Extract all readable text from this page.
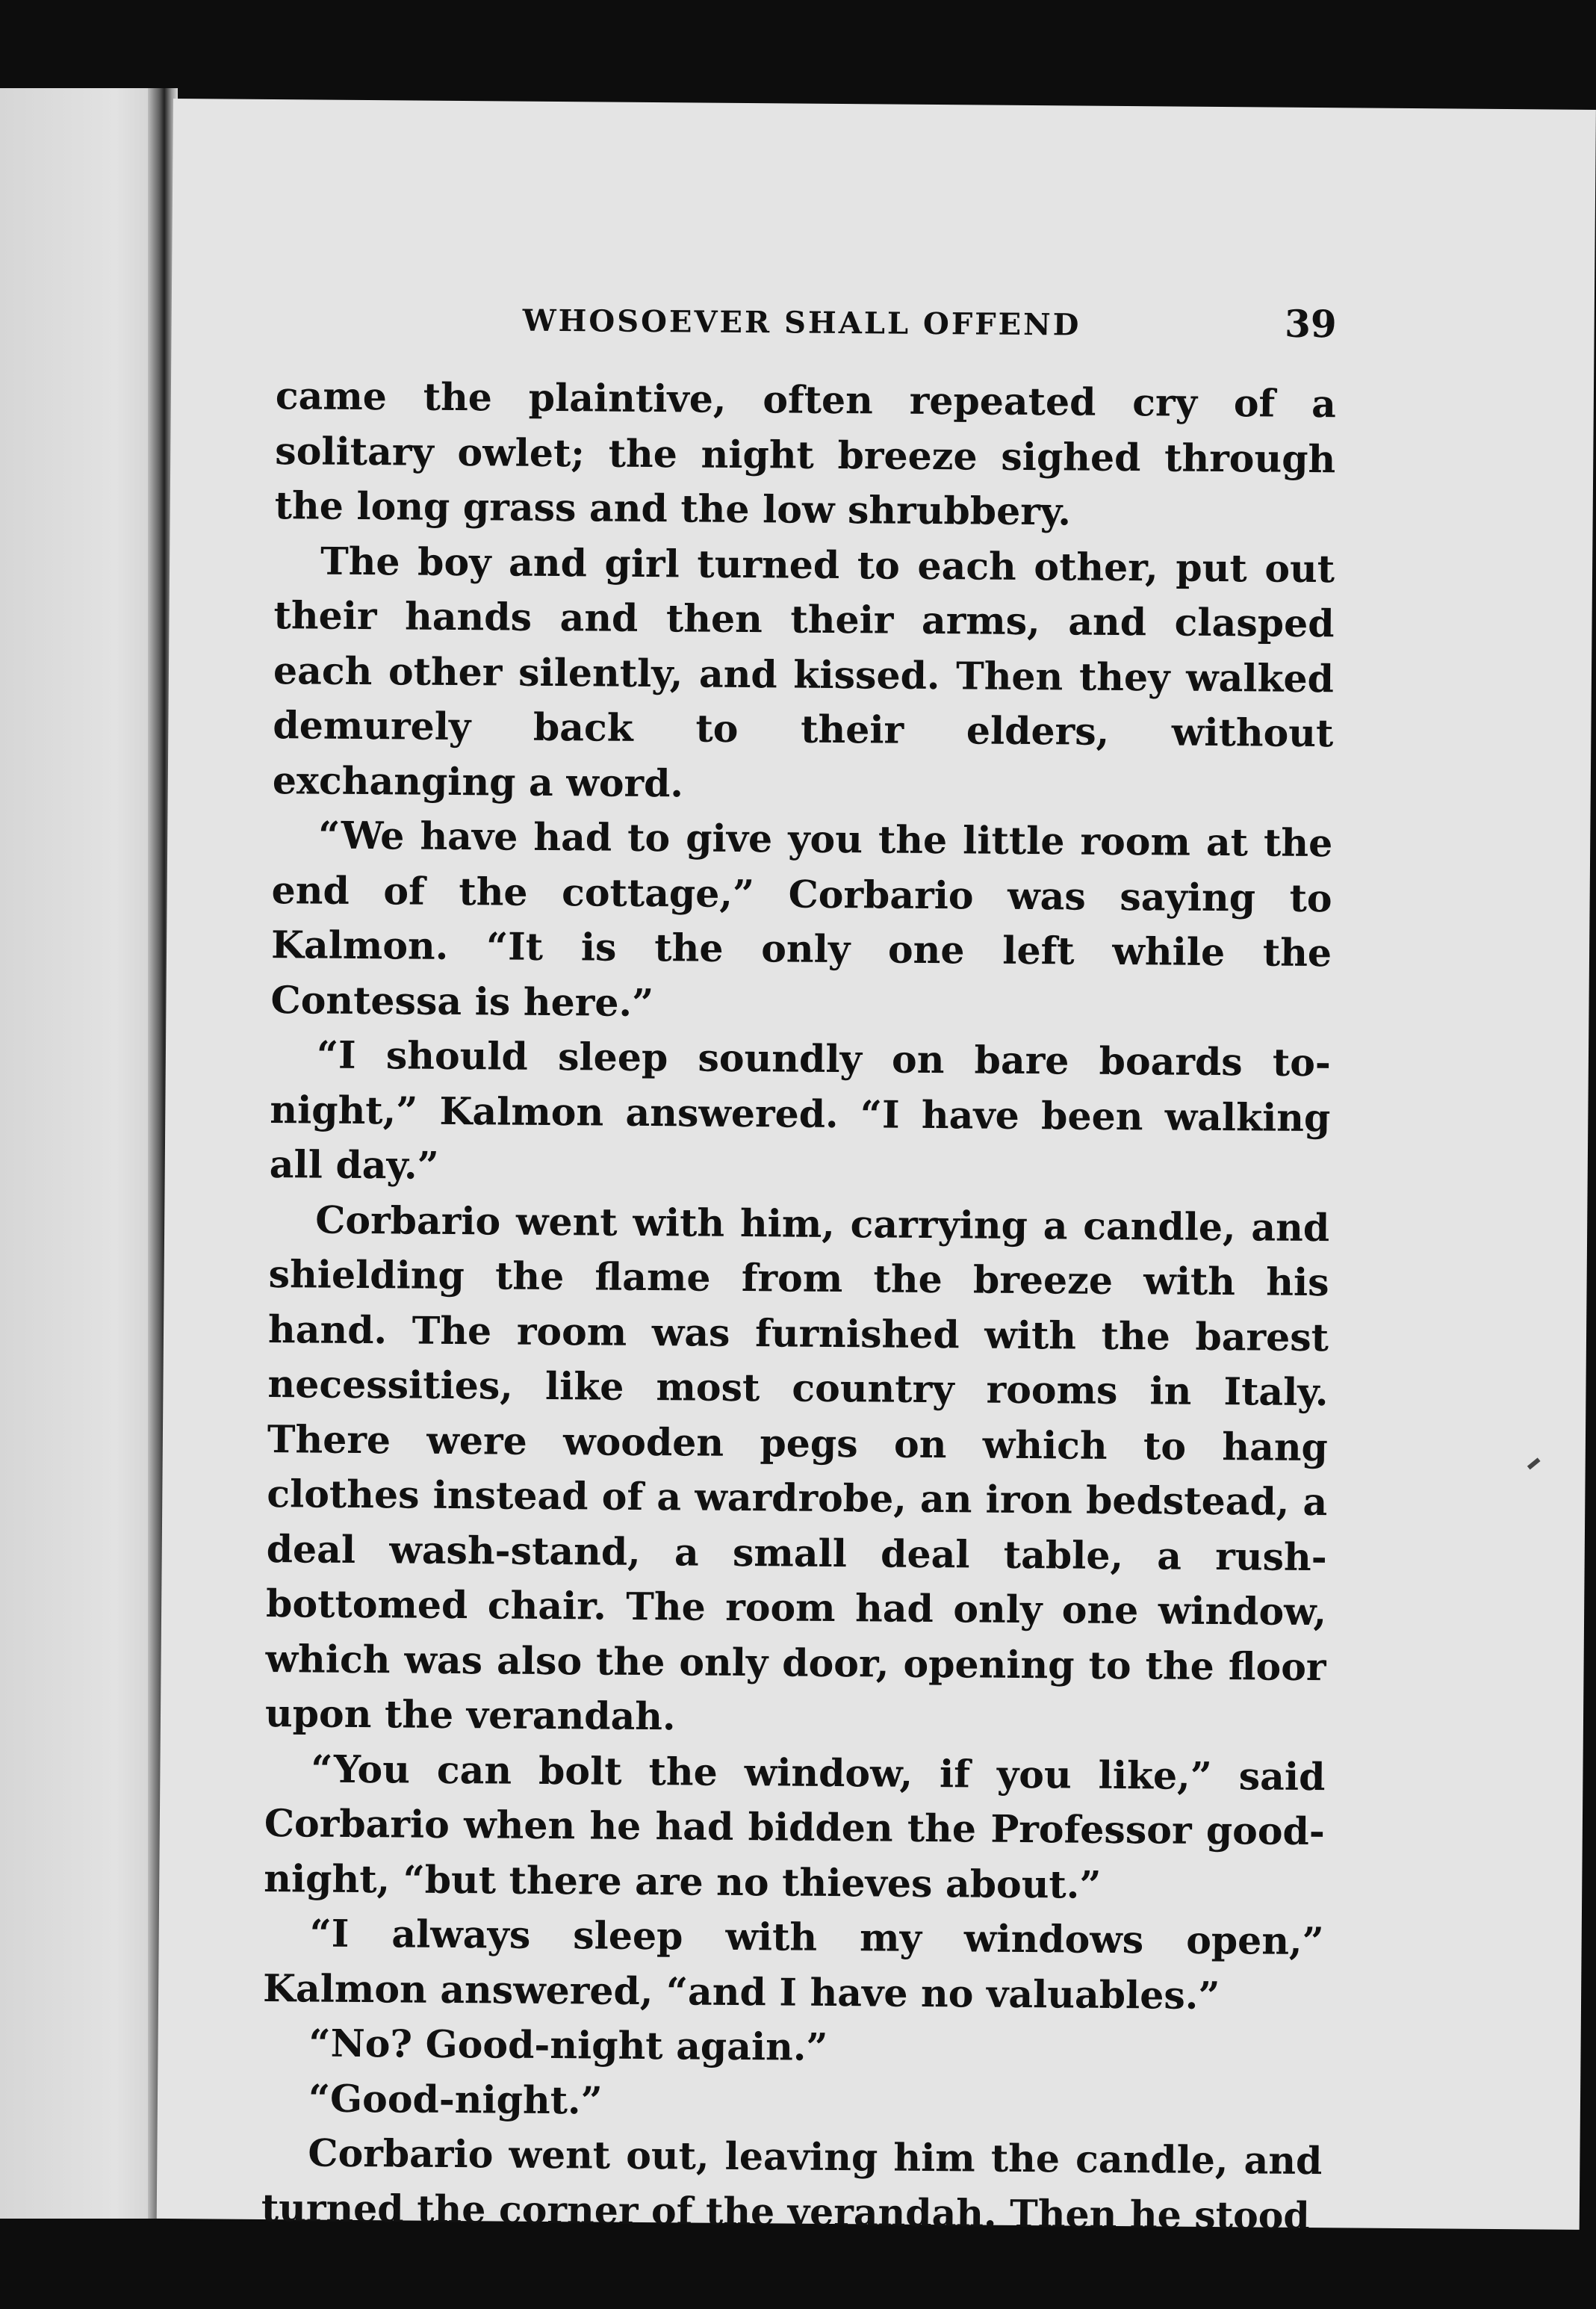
WHOSOEVER SHALL OFFEND	39

came the plaintive, often repeated cry of a solitary owlet; the night breeze sighed through the long grass and the low shrubbery.

The boy and girl turned to each other, put out their hands and then their arms, and clasped each other silently, and kissed. Then they walked demurely back to their elders, without exchanging a word.

“We have had to give you the little room at the end of the cottage,” Corbario was saying to Kalmon. “It is the only one left while the Contessa is here.”

“I should sleep soundly on bare boards to-night,” Kalmon answered. “I have been walking all day.”

Corbario went with him, carrying a candle, and shielding the flame from the breeze with his hand. The room was furnished with the barest necessities, like most country rooms in Italy. There were wooden pegs on which to hang clothes instead of a wardrobe, an iron bedstead, a deal wash-stand, a small deal table, a rush-bottomed chair. The room had only one window, which was also the only door, opening to the floor upon the verandah.

“You can bolt the window, if you like,” said Corbario when he had bidden the Professor good-night, “but there are no thieves about.”

“I always sleep with my windows open,” Kalmon answered, “and I have no valuables.”

“No? Good-night again.”

“Good-night.”

Corbario went out, leaving him the candle, and turned the corner of the verandah. Then he stood
